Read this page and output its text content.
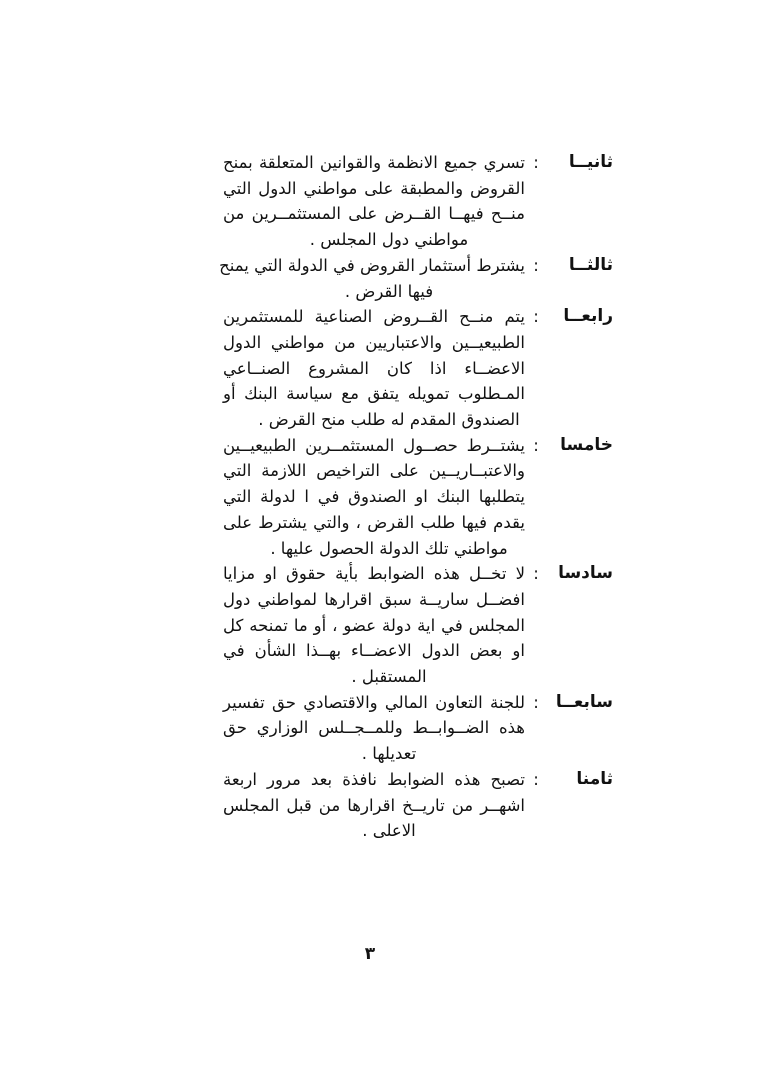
ثانيــا
:
تسري جميع الانظمة والقوانين المتعلقة بمنح
القروض والمطبقة على مواطني الدول التي
منــح فيهــا القــرض على المستثمــرين من
مواطني دول المجلس .
ثالثــا
:
يشترط أستثمار القروض في الدولة التي يمنح
فيها القرض .
رابعــا
:
يتم منــح القــروض الصناعية للمستثمرين
الطبيعيــين والاعتباريين من مواطني الدول
الاعضــاء اذا كان المشروع الصنــاعي
المـطلوب تمويله يتفق مع سياسة البنك أو
الصندوق المقدم له طلب منح القرض .
خامسا
:
يشتــرط حصــول المستثمــرين الطبيعيــين
والاعتبــاريــين على التراخيص اللازمة التي
يتطلبها البنك او الصندوق في ا لدولة التي
يقدم فيها طلب القرض ، والتي يشترط على
مواطني تلك الدولة الحصول عليها .
سادسا
:
لا تخــل هذه الضوابط بأية حقوق او مزايا
افضــل ساريــة سبق اقرارها لمواطني دول
المجلس في اية دولة عضو ، أو ما تمنحه كل
او بعض الدول الاعضــاء بهــذا الشأن في
المستقبل .
سابعــا
:
للجنة التعاون المالي والاقتصادي حق تفسير
هذه الضــوابــط وللمــجــلس الوزاري حق
تعديلها .
ثامنا
:
تصبح هذه الضوابط نافذة بعد مرور اربعة
اشهــر من تاريــخ اقرارها من قبل المجلس
الاعلى .
٣
